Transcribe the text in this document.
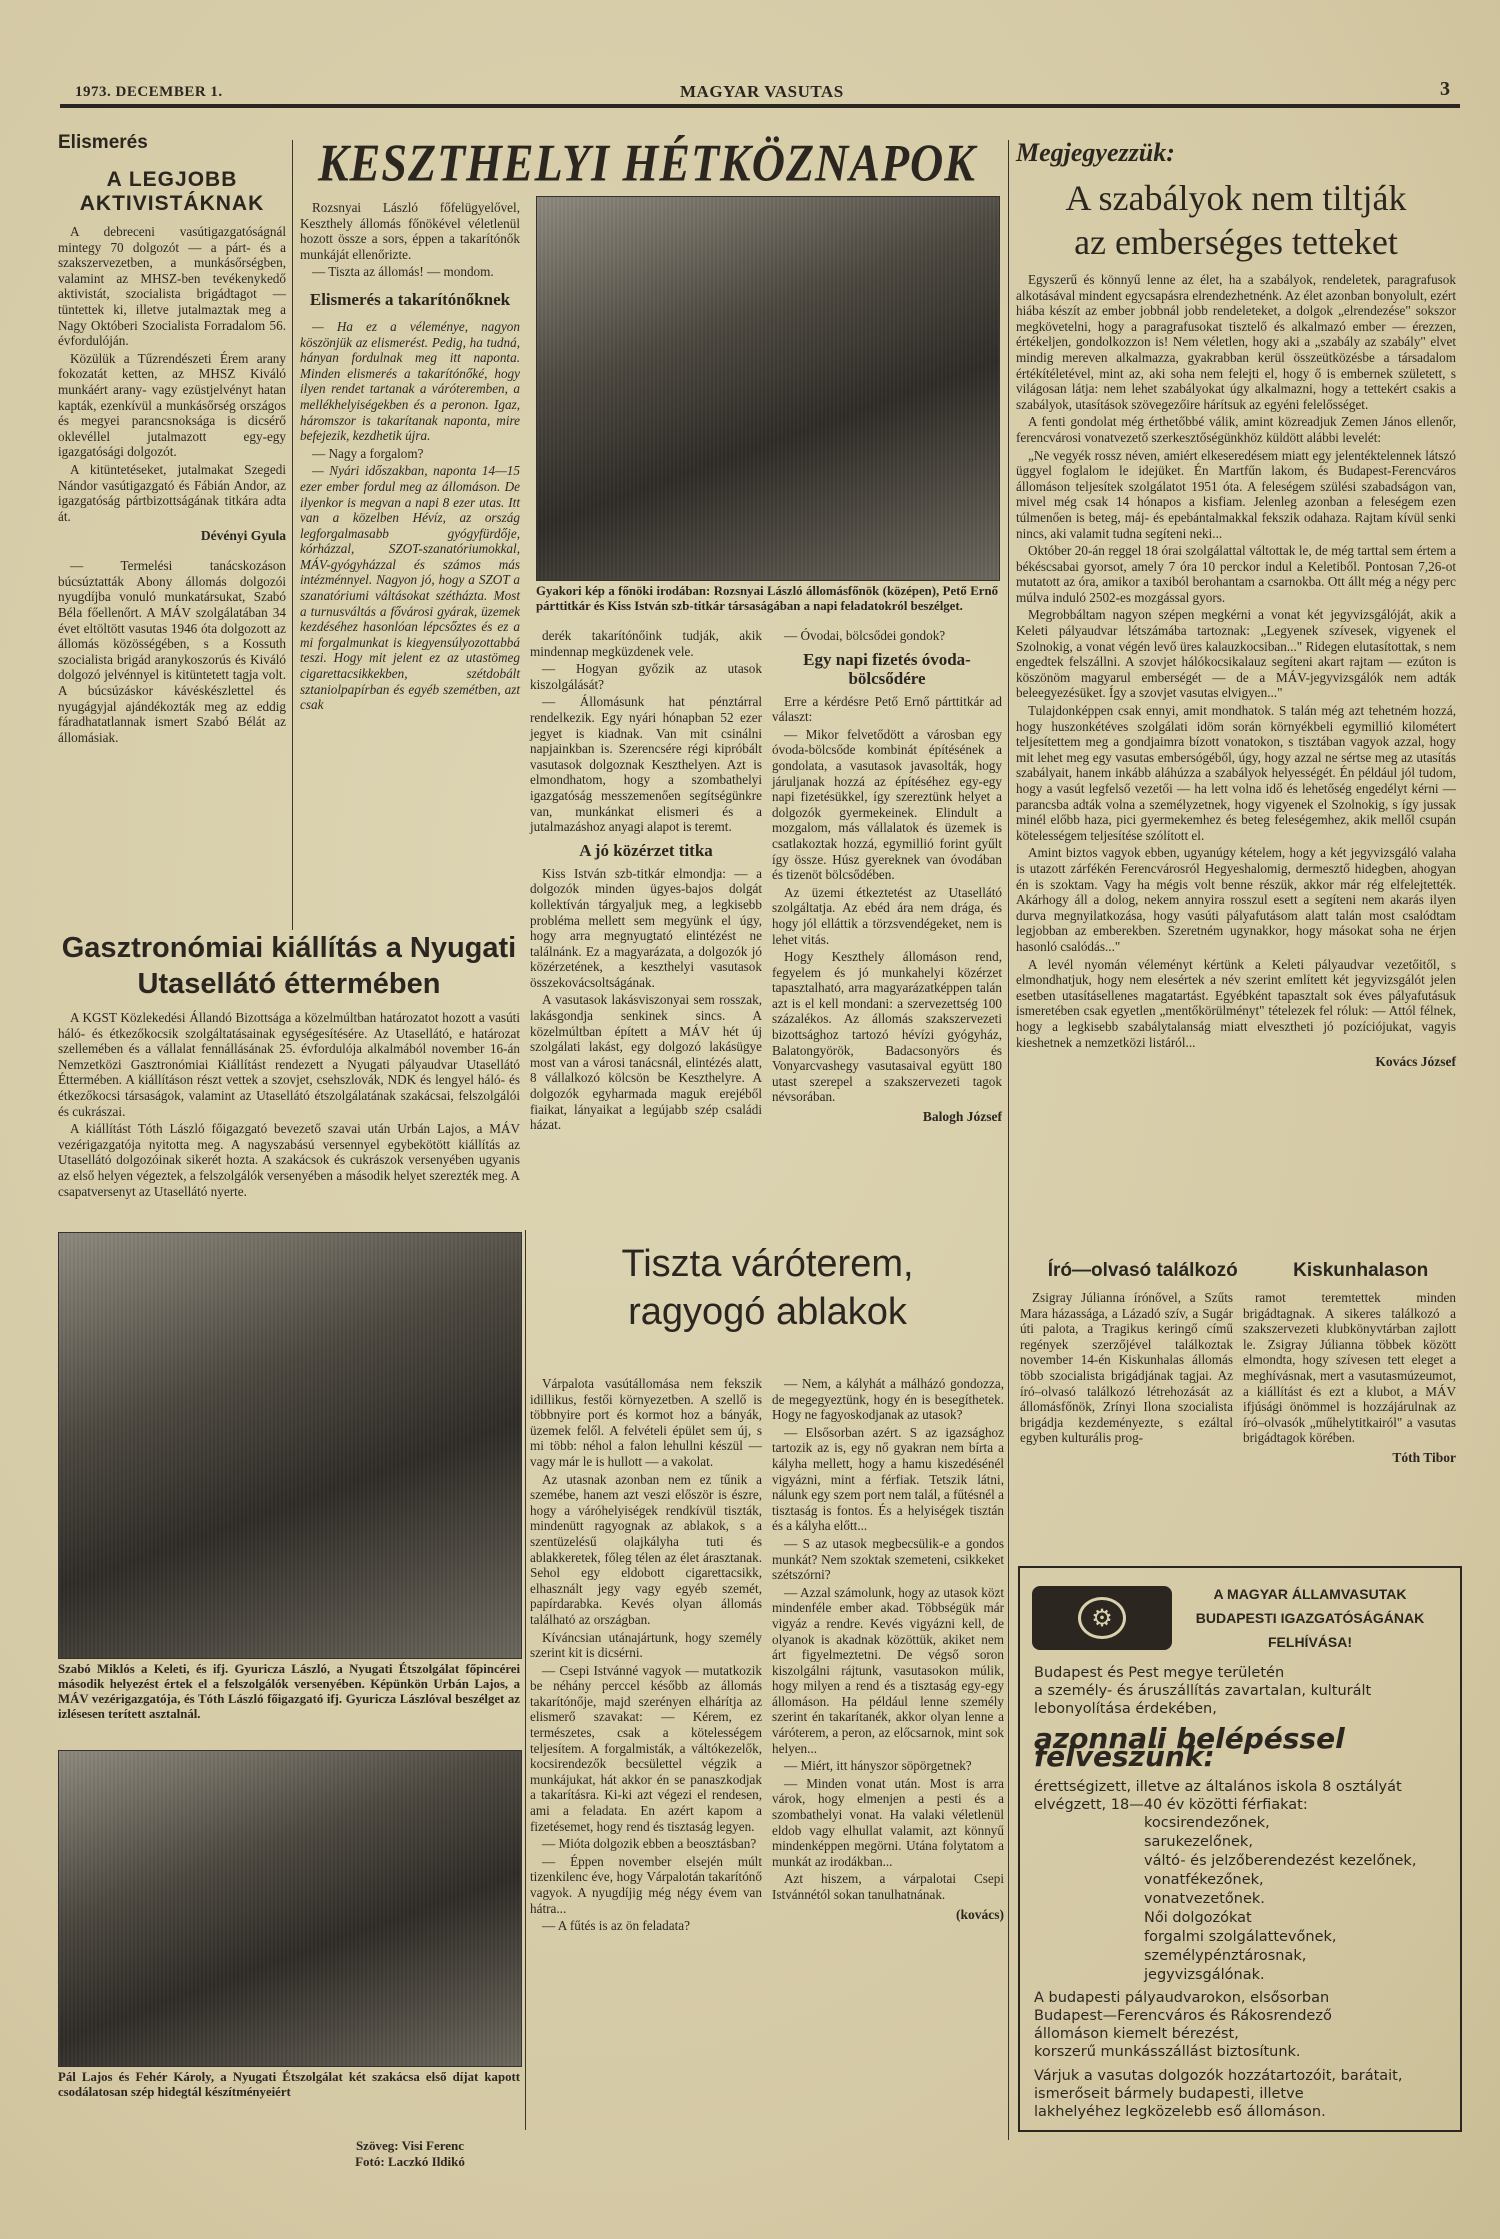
1973. DECEMBER 1.	MAGYAR VASUTAS	3
Elismerés
A LEGJOBB
AKTIVISTÁKNAK

A debreceni vasútigazgatóságnál mintegy 70 dolgozót — a párt- és a szakszervezetben, a munkásőrségben, valamint az MHSZ-ben tevékenykedő aktivistát, szocialista brigádtagot — tüntettek ki, illetve jutalmaztak meg a Nagy Októberi Szocialista Forradalom 56. évfordulóján.

Közülük a Tűzrendészeti Érem arany fokozatát ketten, az MHSZ Kiváló munkáért arany- vagy ezüstjelvényt hatan kapták, ezenkívül a munkásőrség országos és megyei parancsnoksága is dicsérő oklevéllel jutalmazott egy-egy igazgatósági dolgozót.

A kitüntetéseket, jutalmakat Szegedi Nándor vasútigazgató és Fábián Andor, az igazgatóság pártbizottságának titkára adta át.

Dévényi Gyula

— Termelési tanácskozáson búcsúztatták Abony állomás dolgozói nyugdíjba vonuló munkatársukat, Szabó Béla főellenőrt. A MÁV szolgálatában 34 évet eltöltött vasutas 1946 óta dolgozott az állomás közösségében, s a Kossuth szocialista brigád aranykoszorús és Kiváló dolgozó jelvénnyel is kitüntetett tagja volt. A búcsúzáskor kávéskészlettel és nyugágyjal ajándékozták meg az eddig fáradhatatlannak ismert Szabó Bélát az állomásiak.

KESZTHELYI HÉTKÖZNAPOK

Rozsnyai László főfelügyelővel, Keszthely állomás főnökével véletlenül hozott össze a sors, éppen a takarítónők munkáját ellenőrizte.

— Tiszta az állomás! — mondom.

Elismerés a takarítónőknek

— Ha ez a véleménye, nagyon köszönjük az elismerést. Pedig, ha tudná, hányan fordulnak meg itt naponta. Minden elismerés a takarítónőké, hogy ilyen rendet tartanak a váróteremben, a mellékhelyiségekben és a peronon. Igaz, háromszor is takarítanak naponta, mire befejezik, kezdhetik újra.

— Nagy a forgalom?

— Nyári időszakban, naponta 14—15 ezer ember fordul meg az állomáson. De ilyenkor is megvan a napi 8 ezer utas. Itt van a közelben Hévíz, az ország legforgalmasabb gyógyfürdője, kórházzal, SZOT-szanatóriumokkal, MÁV-gyógyházzal és számos más intézménnyel. Nagyon jó, hogy a SZOT a szanatóriumi váltásokat szétházta. Most a turnusváltás a fővárosi gyárak, üzemek kezdéséhez hasonlóan lépcsőztes és ez a mi forgalmunkat is kiegyensúlyozottabbá teszi. Hogy mit jelent ez az utastömeg cigarettacsikkekben, szétdobált sztaniolpapírban és egyéb szemétben, azt csak

Gyakori kép a főnöki irodában: Rozsnyai László állomásfőnök (középen), Pető Ernő párttitkár és Kiss István szb-titkár társaságában a napi feladatokról beszélget.

derék takarítónőink tudják, akik mindennap megküzdenek vele.

— Hogyan győzik az utasok kiszolgálását?

— Állomásunk hat pénztárral rendelkezik. Egy nyári hónapban 52 ezer jegyet is kiadnak. Van mit csinálni napjainkban is. Szerencsére régi kipróbált vasutasok dolgoznak Keszthelyen. Azt is elmondhatom, hogy a szombathelyi igazgatóság messzemenően segítségünkre van, munkánkat elismeri és a jutalmazáshoz anyagi alapot is teremt.

A jó közérzet titka

Kiss István szb-titkár elmondja: — a dolgozók minden ügyes-bajos dolgát kollektíván tárgyaljuk meg, a legkisebb probléma mellett sem megyünk el úgy, hogy arra megnyugtató elintézést ne találnánk. Ez a magyarázata, a dolgozók jó közérzetének, a keszthelyi vasutasok összekovácsoltságának.

A vasutasok lakásviszonyai sem rosszak, lakásgondja senkinek sincs. A közelmúltban épített a MÁV hét új szolgálati lakást, egy dolgozó lakásügye most van a városi tanácsnál, elintézés alatt, 8 vállalkozó kölcsön be Keszthelyre. A dolgozók egyharmada maguk erejéből fiaikat, lányaikat a legújabb szép családi házat.

— Óvodai, bölcsődei gondok?

Egy napi fizetés óvoda-bölcsődére

Erre a kérdésre Pető Ernő párttitkár ad választ:

— Mikor felvetődött a városban egy óvoda-bölcsőde kombinát építésének a gondolata, a vasutasok javasolták, hogy járuljanak hozzá az építéséhez egy-egy napi fizetésükkel, így szereztünk helyet a dolgozók gyermekeinek. Elindult a mozgalom, más vállalatok és üzemek is csatlakoztak hozzá, egymillió forint gyűlt így össze. Húsz gyereknek van óvodában és tizenöt bölcsődében.

Az üzemi étkeztetést az Utasellátó szolgáltatja. Az ebéd ára nem drága, és hogy jól elláttik a törzsvendégeket, nem is lehet vitás.

Hogy Keszthely állomáson rend, fegyelem és jó munkahelyi közérzet tapasztalható, arra magyarázatképpen talán azt is el kell mondani: a szervezettség 100 százalékos. Az állomás szakszervezeti bizottsághoz tartozó hévízi gyógyház, Balatongyörök, Badacsonyörs és Vonyarcvashegy vasutasaival együtt 180 utast szerepel a szakszervezeti tagok névsorában.

Balogh József
Gasztronómiai kiállítás a Nyugati Utasellátó éttermében

A KGST Közlekedési Állandó Bizottsága a közelmúltban határozatot hozott a vasúti háló- és étkezőkocsik szolgáltatásainak egységesítésére. Az Utasellátó, e határozat szellemében és a vállalat fennállásának 25. évfordulója alkalmából november 16-án Nemzetközi Gasztronómiai Kiállítást rendezett a Nyugati pályaudvar Utasellátó Éttermében. A kiállításon részt vettek a szovjet, csehszlovák, NDK és lengyel háló- és étkezőkocsi társaságok, valamint az Utasellátó étszolgálatának szakácsai, felszolgálói és cukrászai.

A kiállítást Tóth László főigazgató bevezető szavai után Urbán Lajos, a MÁV vezérigazgatója nyitotta meg. A nagyszabású versennyel egybekötött kiállítás az Utasellátó dolgozóinak sikerét hozta. A szakácsok és cukrászok versenyében ugyanis az első helyen végeztek, a felszolgálók versenyében a második helyet szerezték meg. A csapatversenyt az Utasellátó nyerte.

Szabó Miklós a Keleti, és ifj. Gyuricza László, a Nyugati Étszolgálat főpincérei második helyezést értek el a felszolgálók versenyében. Képünkön Urbán Lajos, a MÁV vezérigazgatója, és Tóth László főigazgató ifj. Gyuricza Lászlóval beszélget az izlésesen terített asztalnál.
Pál Lajos és Fehér Károly, a Nyugati Étszolgálat két szakácsa első díjat kapott csodálatosan szép hidegtál készítményeiért
Szöveg: Visi Ferenc
Fotó: Laczkó Ildikó
Tiszta váróterem,
ragyogó ablakok

Várpalota vasútállomása nem fekszik idillikus, festői környezetben. A szellő is többnyire port és kormot hoz a bányák, üzemek felől. A felvételi épület sem új, s mi több: néhol a falon lehullni készül — vagy már le is hullott — a vakolat.

Az utasnak azonban nem ez tűnik a szemébe, hanem azt veszi először is észre, hogy a váróhelyiségek rendkívül tiszták, mindenütt ragyognak az ablakok, s a szentüzelésű olajkályha tuti és ablakkeretek, főleg télen az élet árasztanak. Sehol egy eldobott cigarettacsikk, elhasznált jegy vagy egyéb szemét, papírdarabka. Kevés olyan állomás található az országban.

Kíváncsian utánajártunk, hogy személy szerint kit is dicsérni.

— Csepi Istvánné vagyok — mutatkozik be néhány perccel később az állomás takarítónője, majd szerényen elhárítja az elismerő szavakat: — Kérem, ez természetes, csak a kötelességem teljesítem. A forgalmisták, a váltókezelők, kocsirendezők becsülettel végzik a munkájukat, hát akkor én se panaszkodjak a takarításra. Ki-ki azt végezi el rendesen, ami a feladata. En azért kapom a fizetésemet, hogy rend és tisztaság legyen.

— Mióta dolgozik ebben a beosztásban?

— Éppen november elsején múlt tizenkilenc éve, hogy Várpalotán takarítónő vagyok. A nyugdíjig még négy évem van hátra...

— A fűtés is az ön feladata?

— Nem, a kályhát a málházó gondozza, de megegyeztünk, hogy én is besegíthetek. Hogy ne fagyoskodjanak az utasok?

— Elsősorban azért. S az igazsághoz tartozik az is, egy nő gyakran nem bírta a kályha mellett, hogy a hamu kiszedésénél vigyázni, mint a férfiak. Tetszik látni, nálunk egy szem port nem talál, a fűtésnél a tisztaság is fontos. És a helyiségek tisztán és a kályha előtt...

— S az utasok megbecsülik-e a gondos munkát? Nem szoktak szemeteni, csikkeket szétszórni?

— Azzal számolunk, hogy az utasok közt mindenféle ember akad. Többségük már vigyáz a rendre. Kevés vigyázni kell, de olyanok is akadnak közöttük, akiket nem árt figyelmeztetni. De végső soron kiszolgálni rájtunk, vasutasokon múlik, hogy milyen a rend és a tisztaság egy-egy állomáson. Ha például lenne személy szerint én takarítanék, akkor olyan lenne a váróterem, a peron, az előcsarnok, mint sok helyen...

— Miért, itt hányszor söpörgetnek?

— Minden vonat után. Most is arra várok, hogy elmenjen a pesti és a szombathelyi vonat. Ha valaki véletlenül eldob vagy elhullat valamit, azt könnyű mindenképpen megörni. Utána folytatom a munkát az irodákban...

Azt hiszem, a várpalotai Csepi Istvánnétól sokan tanulhatnának.

(kovács)
Megjegyezzük:
A szabályok nem tiltják
az emberséges tetteket

Egyszerű és könnyű lenne az élet, ha a szabályok, rendeletek, paragrafusok alkotásával mindent egycsapásra elrendezhetnénk. Az élet azonban bonyolult, ezért hiába készít az ember jobbnál jobb rendeleteket, a dolgok „elrendezése" sokszor megkövetelni, hogy a paragrafusokat tisztelő és alkalmazó ember — érezzen, értékeljen, gondolkozzon is! Nem véletlen, hogy aki a „szabály az szabály" elvet mindig mereven alkalmazza, gyakrabban kerül összeütközésbe a társadalom értékítéletével, mint az, aki soha nem felejti el, hogy ő is embernek született, s világosan látja: nem lehet szabályokat úgy alkalmazni, hogy a tettekért csakis a szabályok, utasítások szövegezőire hárítsuk az egyéni felelősséget.

A fenti gondolat még érthetőbbé válik, amint közreadjuk Zemen János ellenőr, ferencvárosi vonatvezető szerkesztőségünkhöz küldött alábbi levelét:

„Ne vegyék rossz néven, amiért elkeseredésem miatt egy jelentéktelennek látszó üggyel foglalom le idejüket. Én Martfűn lakom, és Budapest-Ferencváros állomáson teljesítek szolgálatot 1951 óta. A feleségem szülési szabadságon van, mivel még csak 14 hónapos a kisfiam. Jelenleg azonban a feleségem ezen túlmenően is beteg, máj- és epebántalmakkal fekszik odahaza. Rajtam kívül senki nincs, aki valamit tudna segíteni neki...

Október 20-án reggel 18 órai szolgálattal váltottak le, de még tarttal sem értem a békéscsabai gyorsot, amely 7 óra 10 perckor indul a Keletiből. Pontosan 7,26-ot mutatott az óra, amikor a taxiból berohantam a csarnokba. Ott állt még a négy perc múlva induló 2502-es mozgással gyors.

Megrobbáltam nagyon szépen megkérni a vonat két jegyvizsgálóját, akik a Keleti pályaudvar létszámába tartoznak: „Legyenek szívesek, vigyenek el Szolnokig, a vonat végén levő üres kalauzkocsiban..." Ridegen elutasítottak, s nem engedtek felszállni. A szovjet hálókocsikalauz segíteni akart rajtam — ezúton is köszönöm magyarul emberségét — de a MÁV-jegyvizsgálók nem adták beleegyezésüket. Így a szovjet vasutas elvigyen..."

Tulajdonképpen csak ennyi, amit mondhatok. S talán még azt tehetném hozzá, hogy huszonkétéves szolgálati idöm során környékbeli egymillió kilométert teljesítettem meg a gondjaimra bízott vonatokon, s tisztában vagyok azzal, hogy mit lehet meg egy vasutas embersógéből, úgy, hogy azzal ne sértse meg az utasítás szabályait, hanem inkább aláhúzza a szabályok helyességét. Én például jól tudom, hogy a vasút legfelső vezetői — ha lett volna idő és lehetőség engedélyt kérni — parancsba adták volna a személyzetnek, hogy vigyenek el Szolnokig, s így jussak minél előbb haza, pici gyermekemhez és beteg feleségemhez, akik mellől csupán kötelességem teljesítése szólított el.

Amint biztos vagyok ebben, ugyanúgy kételem, hogy a két jegyvizsgáló valaha is utazott zárfékén Ferencvárosról Hegyeshalomig, dermesztő hidegben, ahogyan én is szoktam. Vagy ha mégis volt benne részük, akkor már rég elfelejtették. Akárhogy áll a dolog, nekem annyira rosszul esett a segíteni nem akarás ilyen durva megnyilatkozása, hogy vasúti pályafutásom alatt talán most csalódtam legjobban az emberekben. Szeretném ugynakkor, hogy másokat soha ne érjen hasonló csalódás..."

A levél nyomán véleményt kértünk a Keleti pályaudvar vezetőitől, s elmondhatjuk, hogy nem elesértek a név szerint említett két jegyvizsgálót jelen esetben utasításellenes magatartást. Egyébként tapasztalt sok éves pályafutásuk ismeretében csak egyetlen „mentőkörülményt" tételezek fel róluk: — Attól félnek, hogy a legkisebb szabálytalanság miatt elvesztheti jó pozíciójukat, vagyis kieshetnek a nemzetközi listáról...

Kovács József
Író—olvasó találkozó	Kiskunhalason

Zsigray Júlianna írónővel, a Szűts Mara házassága, a Lázadó szív, a Sugár úti palota, a Tragikus keringő című regények szerzőjével találkoztak november 14-én Kiskunhalas állomás több szocialista brigádjának tagjai. Az író–olvasó találkozó létrehozását az állomásfőnök, Zrínyi Ilona szocialista brigádja kezdeményezte, s ezáltal egyben kulturális prog-

ramot teremtettek minden brigádtagnak. A sikeres találkozó a szakszervezeti klubkönyvtárban zajlott le. Zsigray Júlianna többek között elmondta, hogy szívesen tett eleget a meghívásnak, mert a vasutasmúzeumot, a kiállítást és ezt a klubot, a MÁV ifjúsági önömmel is hozzájárulnak az író–olvasók „műhelytitkairól" a vasutas brigádtagok körében.

Tóth Tibor
⚙
A MAGYAR ÁLLAMVASUTAK
BUDAPESTI IGAZGATÓSÁGÁNAK
FELHÍVÁSA!
Budapest és Pest megye területén
a személy- és áruszállítás zavartalan, kulturált
lebonyolítása érdekében,
azonnali belépéssel felveszünk:
érettségizett, illetve az általános iskola 8 osztályát
elvégzett, 18—40 év közötti férfiakat:
kocsirendezőnek,
sarukezelőnek,
váltó- és jelzőberendezést kezelőnek,
vonatfékezőnek,
vonatvezetőnek.
Női dolgozókat
forgalmi szolgálattevőnek,
személypénztárosnak,
jegyvizsgálónak.
A budapesti pályaudvarokon, elsősorban
Budapest—Ferencváros és Rákosrendező
állomáson kiemelt bérezést,
korszerű munkásszállást biztosítunk.
Várjuk a vasutas dolgozók hozzátartozóit, barátait,
ismerőseit bármely budapesti, illetve
lakhelyéhez legközelebb eső állomáson.
